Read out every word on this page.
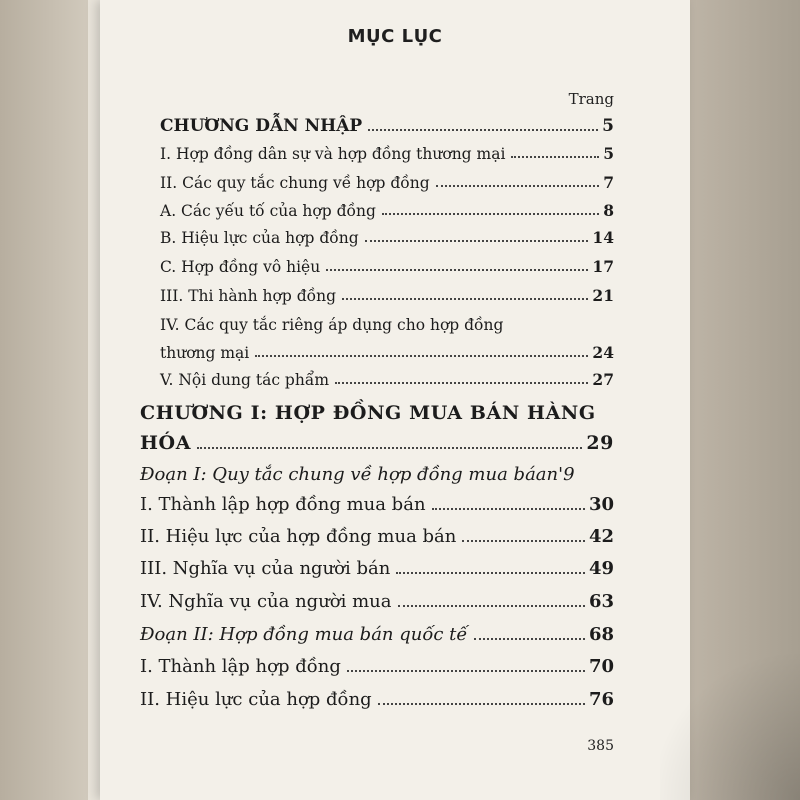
MỤC LỤC
Trang
CHƯƠNG DẪN NHẬP	5
I. Hợp đồng dân sự và hợp đồng thương mại	5
II. Các quy tắc chung về hợp đồng	7
A. Các yếu tố của hợp đồng	8
B. Hiệu lực của hợp đồng	14
C. Hợp đồng vô hiệu	17
III. Thi hành hợp đồng	21
IV. Các quy tắc riêng áp dụng cho hợp đồng
thương mại	24
V. Nội dung tác phẩm	27
CHƯƠNG I: HỢP ĐỒNG MUA BÁN HÀNG
HÓA	29
Đoạn I: Quy tắc chung về hợp đồng mua báan'9
I. Thành lập hợp đồng mua bán	30
II. Hiệu lực của hợp đồng mua bán	42
III. Nghĩa vụ của người bán	49
IV. Nghĩa vụ của người mua	63
Đoạn II: Hợp đồng mua bán quốc tế	68
I. Thành lập hợp đồng	70
II. Hiệu lực của hợp đồng	76
385
